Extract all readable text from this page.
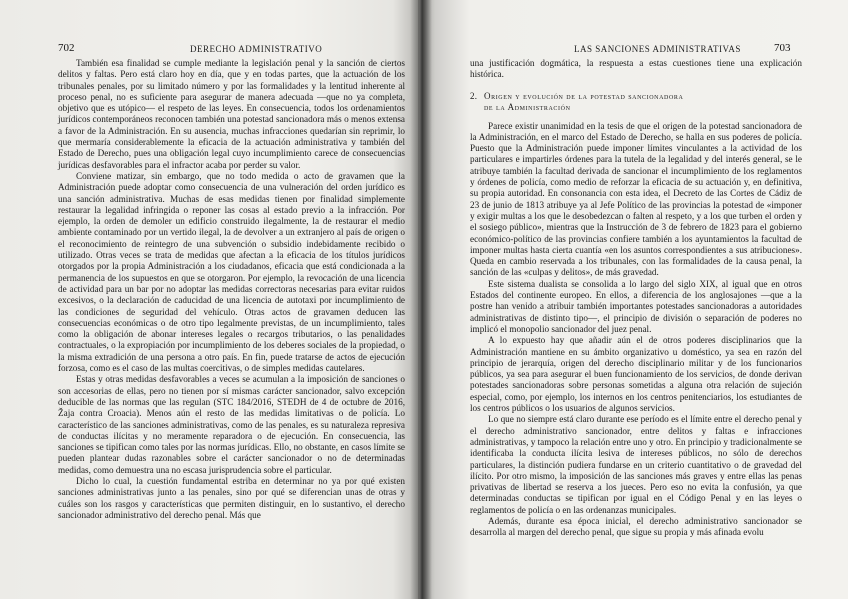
702	DERECHO ADMINISTRATIVO

También esa finalidad se cumple mediante la legislación penal y la sanción de ciertos delitos y faltas. Pero está claro hoy en día, que y en todas partes, que la actuación de los tribunales penales, por su limitado número y por las formalidades y la lentitud inherente al proceso penal, no es suficiente para asegurar de manera adecuada —que no ya completa, objetivo que es utópico— el respeto de las leyes. En consecuencia, todos los ordenamientos jurídicos contemporáneos reconocen también una potestad sancionadora más o menos extensa a favor de la Administración. En su ausencia, muchas infracciones quedarían sin reprimir, lo que mermaría considerablemente la eficacia de la actuación administrativa y también del Estado de Derecho, pues una obligación legal cuyo incumplimiento carece de consecuencias jurídicas desfavorables para el infractor acaba por perder su valor.

Conviene matizar, sin embargo, que no todo medida o acto de gravamen que la Administración puede adoptar como consecuencia de una vulneración del orden jurídico es una sanción administrativa. Muchas de esas medidas tienen por finalidad simplemente restaurar la legalidad infringida o reponer las cosas al estado previo a la infracción. Por ejemplo, la orden de demoler un edificio construido ilegalmente, la de restaurar el medio ambiente contaminado por un vertido ilegal, la de devolver a un extranjero al país de origen o el reconocimiento de reintegro de una subvención o subsidio indebidamente recibido o utilizado. Otras veces se trata de medidas que afectan a la eficacia de los títulos jurídicos otorgados por la propia Administración a los ciudadanos, eficacia que está condicionada a la permanencia de los supuestos en que se otorgaron. Por ejemplo, la revocación de una licencia de actividad para un bar por no adoptar las medidas correctoras necesarias para evitar ruidos excesivos, o la declaración de caducidad de una licencia de autotaxi por incumplimiento de las condiciones de seguridad del vehículo. Otras actos de gravamen deducen las consecuencias económicas o de otro tipo legalmente previstas, de un incumplimiento, tales como la obligación de abonar intereses legales o recargos tributarios, o las penalidades contractuales, o la expropiación por incumplimiento de los deberes sociales de la propiedad, o la misma extradición de una persona a otro país. En fin, puede tratarse de actos de ejecución forzosa, como es el caso de las multas coercitivas, o de simples medidas cautelares.

Estas y otras medidas desfavorables a veces se acumulan a la imposición de sanciones o son accesorias de ellas, pero no tienen por sí mismas carácter sancionador, salvo excepción deducible de las normas que las regulan (STC 184/2016, STEDH de 4 de octubre de 2016, Žaja contra Croacia). Menos aún el resto de las medidas limitativas o de policía. Lo característico de las sanciones administrativas, como de las penales, es su naturaleza represiva de conductas ilícitas y no meramente reparadora o de ejecución. En consecuencia, las sanciones se tipifican como tales por las normas jurídicas. Ello, no obstante, en casos límite se pueden plantear dudas razonables sobre el carácter sancionador o no de determinadas medidas, como demuestra una no escasa jurisprudencia sobre el particular.

Dicho lo cual, la cuestión fundamental estriba en determinar no ya por qué existen sanciones administrativas junto a las penales, sino por qué se diferencian unas de otras y cuáles son los rasgos y características que permiten distinguir, en lo sustantivo, el derecho sancionador administrativo del derecho penal. Más que

LAS SANCIONES ADMINISTRATIVAS	703

una justificación dogmática, la respuesta a estas cuestiones tiene una explicación histórica.

2. Origen y evolución de la potestad sancionadora
de la Administración

Parece existir unanimidad en la tesis de que el origen de la potestad sancionadora de la Administración, en el marco del Estado de Derecho, se halla en sus poderes de policía. Puesto que la Administración puede imponer límites vinculantes a la actividad de los particulares e impartirles órdenes para la tutela de la legalidad y del interés general, se le atribuye también la facultad derivada de sancionar el incumplimiento de los reglamentos y órdenes de policía, como medio de reforzar la eficacia de su actuación y, en definitiva, su propia autoridad. En consonancia con esta idea, el Decreto de las Cortes de Cádiz de 23 de junio de 1813 atribuye ya al Jefe Político de las provincias la potestad de «imponer y exigir multas a los que le desobedezcan o falten al respeto, y a los que turben el orden y el sosiego público», mientras que la Instrucción de 3 de febrero de 1823 para el gobierno económico-político de las provincias confiere también a los ayuntamientos la facultad de imponer multas hasta cierta cuantía «en los asuntos correspondientes a sus atribuciones». Queda en cambio reservada a los tribunales, con las formalidades de la causa penal, la sanción de las «culpas y delitos», de más gravedad.

Este sistema dualista se consolida a lo largo del siglo XIX, al igual que en otros Estados del continente europeo. En ellos, a diferencia de los anglosajones —que a la postre han venido a atribuir también importantes potestades sancionadoras a autoridades administrativas de distinto tipo—, el principio de división o separación de poderes no implicó el monopolio sancionador del juez penal.

A lo expuesto hay que añadir aún el de otros poderes disciplinarios que la Administración mantiene en su ámbito organizativo u doméstico, ya sea en razón del principio de jerarquía, origen del derecho disciplinario militar y de los funcionarios públicos, ya sea para asegurar el buen funcionamiento de los servicios, de donde derivan potestades sancionadoras sobre personas sometidas a alguna otra relación de sujeción especial, como, por ejemplo, los internos en los centros penitenciarios, los estudiantes de los centros públicos o los usuarios de algunos servicios.

Lo que no siempre está claro durante ese período es el límite entre el derecho penal y el derecho administrativo sancionador, entre delitos y faltas e infracciones administrativas, y tampoco la relación entre uno y otro. En principio y tradicionalmente se identificaba la conducta ilícita lesiva de intereses públicos, no sólo de derechos particulares, la distinción pudiera fundarse en un criterio cuantitativo o de gravedad del ilícito. Por otro mismo, la imposición de las sanciones más graves y entre ellas las penas privativas de libertad se reserva a los jueces. Pero eso no evita la confusión, ya que determinadas conductas se tipifican por igual en el Código Penal y en las leyes o reglamentos de policía o en las ordenanzas municipales.

Además, durante esa época inicial, el derecho administrativo sancionador se desarrolla al margen del derecho penal, que sigue su propia y más afinada evolu
